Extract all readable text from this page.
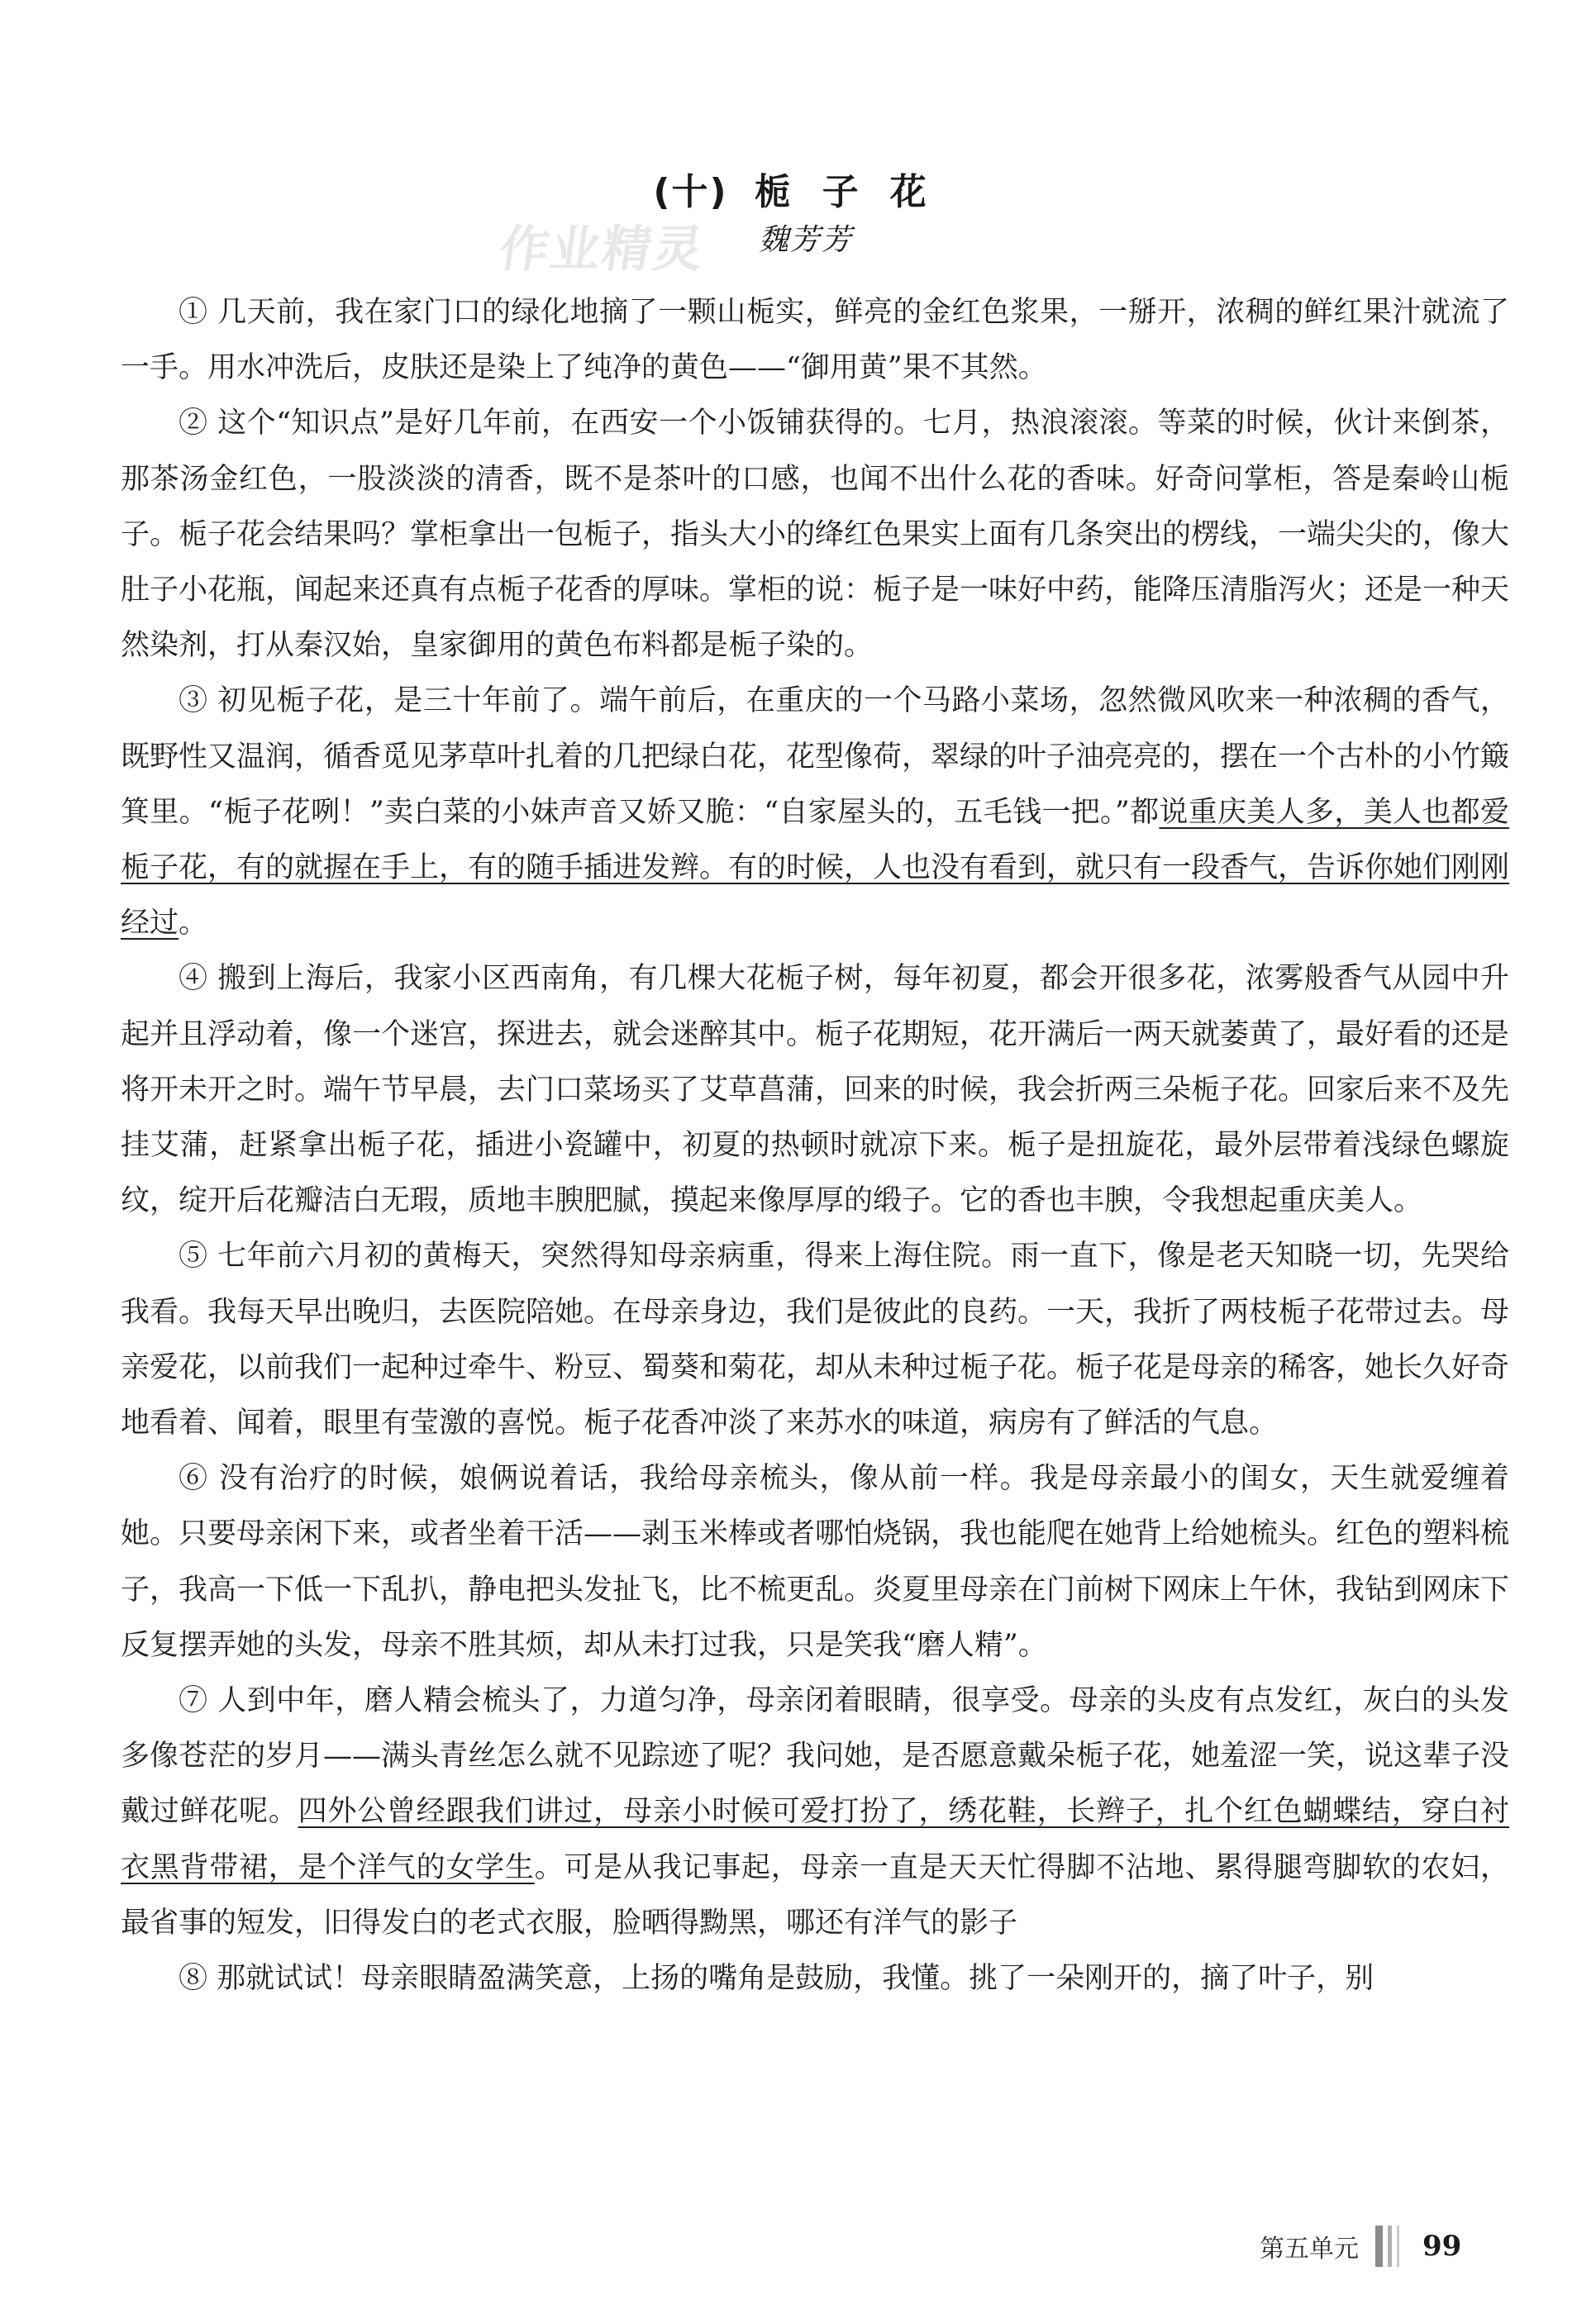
(十) 栀 子 花
作业精灵 魏芳芳

① 几天前，我在家门口的绿化地摘了一颗山栀实，鲜亮的金红色浆果，一掰开，浓稠的鲜红果汁就流了一手。用水冲洗后，皮肤还是染上了纯净的黄色——“御用黄”果不其然。

② 这个“知识点”是好几年前，在西安一个小饭铺获得的。七月，热浪滚滚。等菜的时候，伙计来倒茶，那茶汤金红色，一股淡淡的清香，既不是茶叶的口感，也闻不出什么花的香味。好奇问掌柜，答是秦岭山栀子。栀子花会结果吗？掌柜拿出一包栀子，指头大小的绛红色果实上面有几条突出的楞线，一端尖尖的，像大肚子小花瓶，闻起来还真有点栀子花香的厚味。掌柜的说：栀子是一味好中药，能降压清脂泻火；还是一种天然染剂，打从秦汉始，皇家御用的黄色布料都是栀子染的。

③ 初见栀子花，是三十年前了。端午前后，在重庆的一个马路小菜场，忽然微风吹来一种浓稠的香气，既野性又温润，循香觅见茅草叶扎着的几把绿白花，花型像荷，翠绿的叶子油亮亮的，摆在一个古朴的小竹簸箕里。“栀子花咧！”卖白菜的小妹声音又娇又脆：“自家屋头的，五毛钱一把。”都说重庆美人多，美人也都爱栀子花，有的就握在手上，有的随手插进发辫。有的时候，人也没有看到，就只有一段香气，告诉你她们刚刚经过。

④ 搬到上海后，我家小区西南角，有几棵大花栀子树，每年初夏，都会开很多花，浓雾般香气从园中升起并且浮动着，像一个迷宫，探进去，就会迷醉其中。栀子花期短，花开满后一两天就萎黄了，最好看的还是将开未开之时。端午节早晨，去门口菜场买了艾草菖蒲，回来的时候，我会折两三朵栀子花。回家后来不及先挂艾蒲，赶紧拿出栀子花，插进小瓷罐中，初夏的热顿时就凉下来。栀子是扭旋花，最外层带着浅绿色螺旋纹，绽开后花瓣洁白无瑕，质地丰腴肥腻，摸起来像厚厚的缎子。它的香也丰腴，令我想起重庆美人。

⑤ 七年前六月初的黄梅天，突然得知母亲病重，得来上海住院。雨一直下，像是老天知晓一切，先哭给我看。我每天早出晚归，去医院陪她。在母亲身边，我们是彼此的良药。一天，我折了两枝栀子花带过去。母亲爱花，以前我们一起种过牵牛、粉豆、蜀葵和菊花，却从未种过栀子花。栀子花是母亲的稀客，她长久好奇地看着、闻着，眼里有莹激的喜悦。栀子花香冲淡了来苏水的味道，病房有了鲜活的气息。

⑥ 没有治疗的时候，娘俩说着话，我给母亲梳头，像从前一样。我是母亲最小的闺女，天生就爱缠着她。只要母亲闲下来，或者坐着干活——剥玉米棒或者哪怕烧锅，我也能爬在她背上给她梳头。红色的塑料梳子，我高一下低一下乱扒，静电把头发扯飞，比不梳更乱。炎夏里母亲在门前树下网床上午休，我钻到网床下反复摆弄她的头发，母亲不胜其烦，却从未打过我，只是笑我“磨人精”。

⑦ 人到中年，磨人精会梳头了，力道匀净，母亲闭着眼睛，很享受。母亲的头皮有点发红，灰白的头发多像苍茫的岁月——满头青丝怎么就不见踪迹了呢？我问她，是否愿意戴朵栀子花，她羞涩一笑，说这辈子没戴过鲜花呢。四外公曾经跟我们讲过，母亲小时候可爱打扮了，绣花鞋，长辫子，扎个红色蝴蝶结，穿白衬衣黑背带裙，是个洋气的女学生。可是从我记事起，母亲一直是天天忙得脚不沾地、累得腿弯脚软的农妇，最省事的短发，旧得发白的老式衣服，脸晒得黝黑，哪还有洋气的影子

⑧ 那就试试！母亲眼睛盈满笑意，上扬的嘴角是鼓励，我懂。挑了一朵刚开的，摘了叶子，别

第五单元 99
